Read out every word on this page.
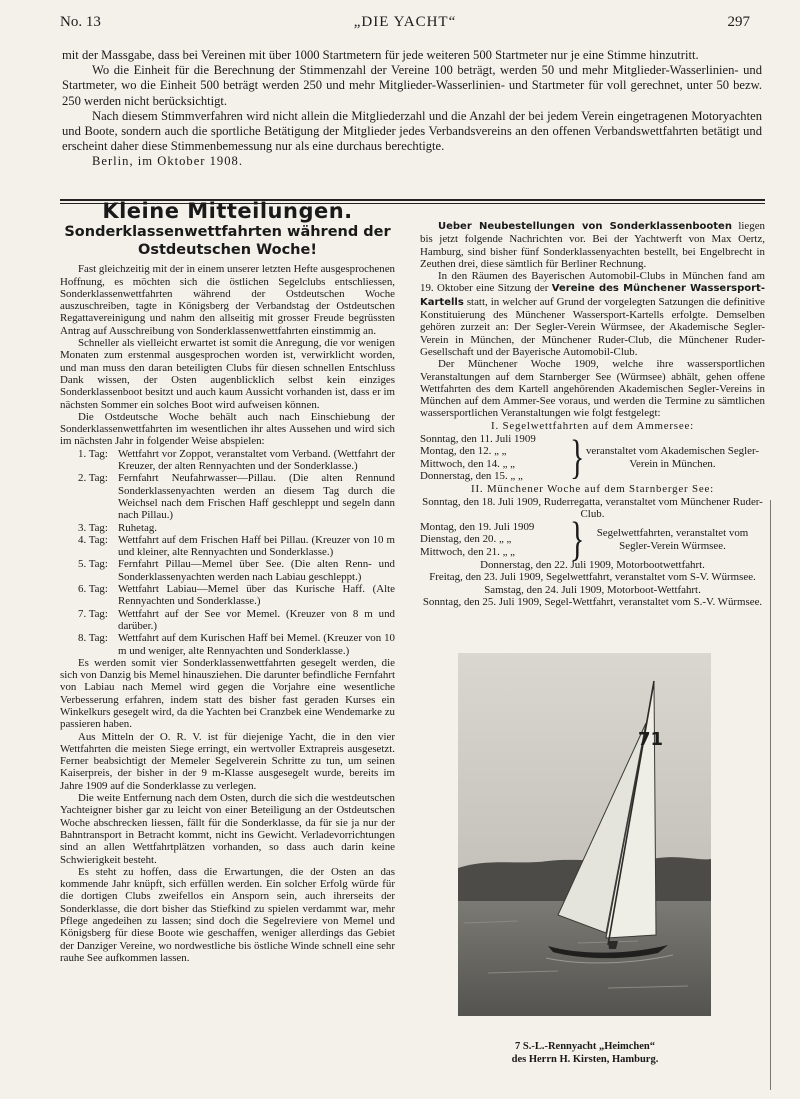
No. 13	„DIE YACHT“	297

mit der Massgabe, dass bei Vereinen mit über 1000 Startmetern für jede weiteren 500 Startmeter nur je eine Stimme hinzutritt.

Wo die Einheit für die Berechnung der Stimmenzahl der Vereine 100 beträgt, werden 50 und mehr Mitglieder-Wasserlinien- und Startmeter, wo die Einheit 500 beträgt werden 250 und mehr Mitglieder-Wasserlinien- und Startmeter für voll gerechnet, unter 50 bezw. 250 werden nicht berücksichtigt.

Nach diesem Stimmverfahren wird nicht allein die Mitgliederzahl und die Anzahl der bei jedem Verein eingetragenen Motoryachten und Boote, sondern auch die sportliche Betätigung der Mitglieder jedes Verbandsvereins an den offenen Verbandswettfahrten betätigt und erscheint daher diese Stimmenbemessung nur als eine durchaus berechtigte.

Berlin, im Oktober 1908.

Kleine Mitteilungen.
Sonderklassenwettfahrten während der Ostdeutschen Woche!

Fast gleichzeitig mit der in einem unserer letzten Hefte ausgesprochenen Hoffnung, es möchten sich die östlichen Segelclubs entschliessen, Sonderklassenwettfahrten während der Ostdeutschen Woche auszuschreiben, tagte in Königsberg der Verbandstag der Ostdeutschen Regattavereinigung und nahm den allseitig mit grosser Freude begrüssten Antrag auf Ausschreibung von Sonderklassenwettfahrten einstimmig an.

Schneller als vielleicht erwartet ist somit die Anregung, die vor wenigen Monaten zum erstenmal ausgesprochen worden ist, verwirklicht worden, und man muss den daran beteiligten Clubs für diesen schnellen Entschluss Dank wissen, der Osten augenblicklich selbst kein einziges Sonderklassenboot besitzt und auch kaum Aussicht vorhanden ist, dass er im nächsten Sommer ein solches Boot wird aufweisen können.

Die Ostdeutsche Woche behält auch nach Einschiebung der Sonderklassenwettfahrten im wesentlichen ihr altes Aussehen und wird sich im nächsten Jahr in folgender Weise abspielen:

1. Tag: Wettfahrt vor Zoppot, veranstaltet vom Verband. (Wettfahrt der Kreuzer, der alten Rennyachten und der Sonderklasse.)
2. Tag: Fernfahrt Neufahrwasser—Pillau. (Die alten Rennund Sonderklassenyachten werden an diesem Tag durch die Weichsel nach dem Frischen Haff geschleppt und segeln dann nach Pillau.)
3. Tag: Ruhetag.
4. Tag: Wettfahrt auf dem Frischen Haff bei Pillau. (Kreuzer von 10 m und kleiner, alte Rennyachten und Sonderklasse.)
5. Tag: Fernfahrt Pillau—Memel über See. (Die alten Renn- und Sonderklassenyachten werden nach Labiau geschleppt.)
6. Tag: Wettfahrt Labiau—Memel über das Kurische Haff. (Alte Rennyachten und Sonderklasse.)
7. Tag: Wettfahrt auf der See vor Memel. (Kreuzer von 8 m und darüber.)
8. Tag: Wettfahrt auf dem Kurischen Haff bei Memel. (Kreuzer von 10 m und weniger, alte Rennyachten und Sonderklasse.)

Es werden somit vier Sonderklassenwettfahrten gesegelt werden, die sich von Danzig bis Memel hinausziehen. Die darunter befindliche Fernfahrt von Labiau nach Memel wird gegen die Vorjahre eine wesentliche Verbesserung erfahren, indem statt des bisher fast geraden Kurses ein Winkelkurs gesegelt wird, da die Yachten bei Cranzbek eine Wendemarke zu passieren haben.

Aus Mitteln der O. R. V. ist für diejenige Yacht, die in den vier Wettfahrten die meisten Siege erringt, ein wertvoller Extrapreis ausgesetzt. Ferner beabsichtigt der Memeler Segelverein Schritte zu tun, um seinen Kaiserpreis, der bisher in der 9 m-Klasse ausgesegelt wurde, bereits im Jahre 1909 auf die Sonderklasse zu verlegen.

Die weite Entfernung nach dem Osten, durch die sich die westdeutschen Yachteigner bisher gar zu leicht von einer Beteiligung an der Ostdeutschen Woche abschrecken liessen, fällt für die Sonderklasse, da für sie ja nur der Bahntransport in Betracht kommt, nicht ins Gewicht. Verladevorrichtungen sind an allen Wettfahrtplätzen vorhanden, so dass auch darin keine Schwierigkeit besteht.

Es steht zu hoffen, dass die Erwartungen, die der Osten an das kommende Jahr knüpft, sich erfüllen werden. Ein solcher Erfolg würde für die dortigen Clubs zweifellos ein Ansporn sein, auch ihrerseits der Sonderklasse, die dort bisher das Stiefkind zu spielen verdammt war, mehr Pflege angedeihen zu lassen; sind doch die Segelreviere von Memel und Königsberg für diese Boote wie geschaffen, weniger allerdings das Gebiet der Danziger Vereine, wo nordwestliche bis östliche Winde schnell eine sehr rauhe See aufkommen lassen.

Ueber Neubestellungen von Sonderklassenbooten liegen bis jetzt folgende Nachrichten vor. Bei der Yachtwerft von Max Oertz, Hamburg, sind bisher fünf Sonderklassenyachten bestellt, bei Engelbrecht in Zeuthen drei, diese sämtlich für Berliner Rechnung.

In den Räumen des Bayerischen Automobil-Clubs in München fand am 19. Oktober eine Sitzung der Vereine des Münchener Wassersport-Kartells statt, in welcher auf Grund der vorgelegten Satzungen die definitive Konstituierung des Münchener Wassersport-Kartells erfolgte. Demselben gehören zurzeit an: Der Segler-Verein Würmsee, der Akademische Segler-Verein in München, der Münchener Ruder-Club, die Münchener Ruder-Gesellschaft und der Bayerische Automobil-Club.

Der Münchener Woche 1909, welche ihre wassersportlichen Veranstaltungen auf dem Starnberger See (Würmsee) abhält, gehen offene Wettfahrten des dem Kartell angehörenden Akademischen Segler-Vereins in München auf dem Ammer-See voraus, und werden die Termine zu sämtlichen wassersportlichen Veranstaltungen wie folgt festgelegt:

I. Segelwettfahrten auf dem Ammersee:

Sonntag, den 11. Juli 1909
Montag, den 12. „ „
Mittwoch, den 14. „ „
Donnerstag, den 15. „ „	} veranstaltet vom Akademischen Segler-Verein in München.

II. Münchener Woche auf dem Starnberger See:

Sonntag, den 18. Juli 1909, Ruderregatta, veranstaltet vom Münchener Ruder-Club.

Montag, den 19. Juli 1909
Dienstag, den 20. „ „
Mittwoch, den 21. „ „	}	Segelwettfahrten, veranstaltet vom Segler-Verein Würmsee.

Donnerstag, den 22. Juli 1909, Motorbootwettfahrt.

Freitag, den 23. Juli 1909, Segelwettfahrt, veranstaltet vom S-V. Würmsee.

Samstag, den 24. Juli 1909, Motorboot-Wettfahrt.

Sonntag, den 25. Juli 1909, Segel-Wettfahrt, veranstaltet vom S.-V. Würmsee.

71
7 S.-L.-Rennyacht „Heimchen“
des Herrn H. Kirsten, Hamburg.
